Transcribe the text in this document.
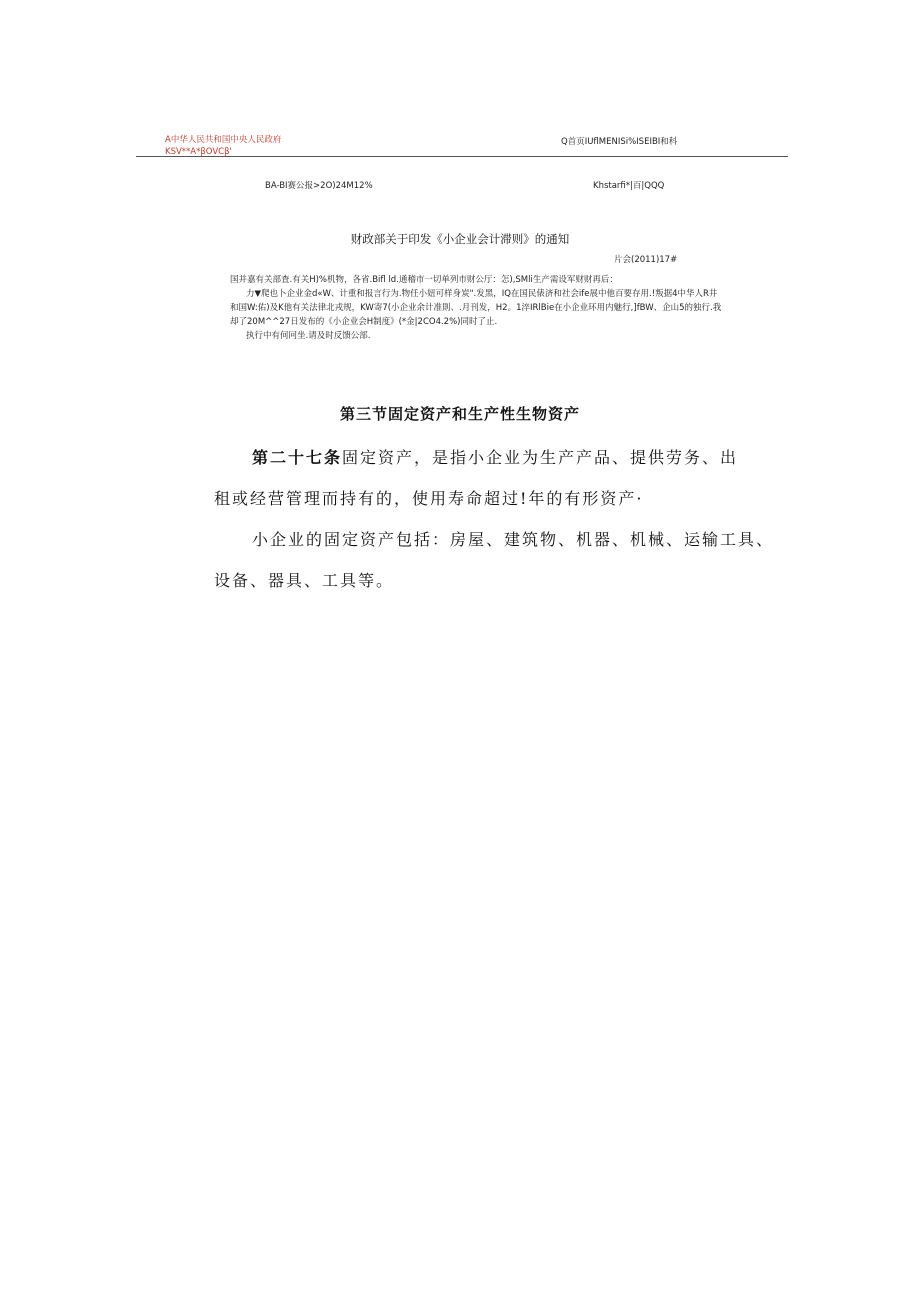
A中华人民共和国中央人民政府
KSV**A*βOVCβ'
Q首页IUflMENISi%ISEIBI和科
BA-BI赛公报>2O)24M12%	Khstarfi*|百|QQQ
财政部关于印发《小企业会计滞则》的通知
片会(2011)17#

国并嘉有关部査.有关H)%机物，各省.Bifl ld.通稽市一切单列市财公厅：怎),SMli生产需设军财财再后：

力▼爬也卜企业金d«W、计重和报言行为.物任小妞可样身炭".发黑，IQ在国民俵济和社会ife展中他百要存用.!叛据4中华人R井

和国W:佑)及K他有关法律北戎规，KW寄7(小企业余计准則、.月刊发，H2。1淬IRlBie在小企业环用内魅行,]fBW、企山5的独行.我

却了20M^^27日发布的《小企业会H制度》(*金|2CO4.2%)同时了止.

执行中有何冋坐.请及时反馈公部.

第三节固定资产和生产性生物资产
第二十七条固定资产，是指小企业为生产产品、提供劳务、出
租或经营管理而持有的，使用寿命超过!年的有形资产·
小企业的固定资产包括：房屋、建筑物、机器、机械、运输工具、
设备、器具、工具等。
